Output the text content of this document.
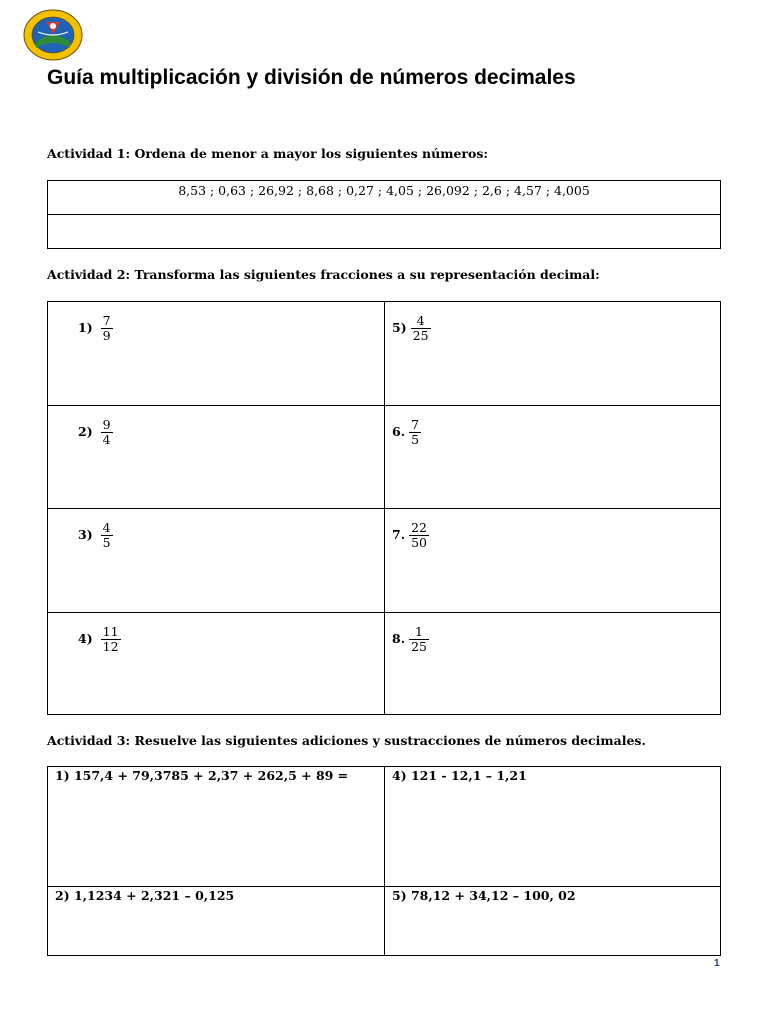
Guía multiplicación y división de números decimales

Actividad 1: Ordena de menor a mayor los siguientes números:

8,53 ; 0,63 ; 26,92 ; 8,68 ; 0,27 ; 4,05 ; 26,092 ; 2,6 ; 4,57 ; 4,005

Actividad 2: Transforma las siguientes fracciones a su representación decimal:

$1) \frac{7}{9}$	$5) \frac{4}{25}$
$2) \frac{9}{4}$	6. $\frac{7}{5}$
$3) \frac{4}{5}$	7. $\frac{22}{50}$
$4) \frac{11}{12}$	8. $\frac{1}{25}$

Actividad 3: Resuelve las siguientes adiciones y sustracciones de números decimales.

1) 157,4 + 79,3785 + 2,37 + 262,5 + 89 =	4) 121 - 12,1 – 1,21
2) 1,1234 + 2,321 – 0,125	5) 78,12 + 34,12 – 100, 02
1
